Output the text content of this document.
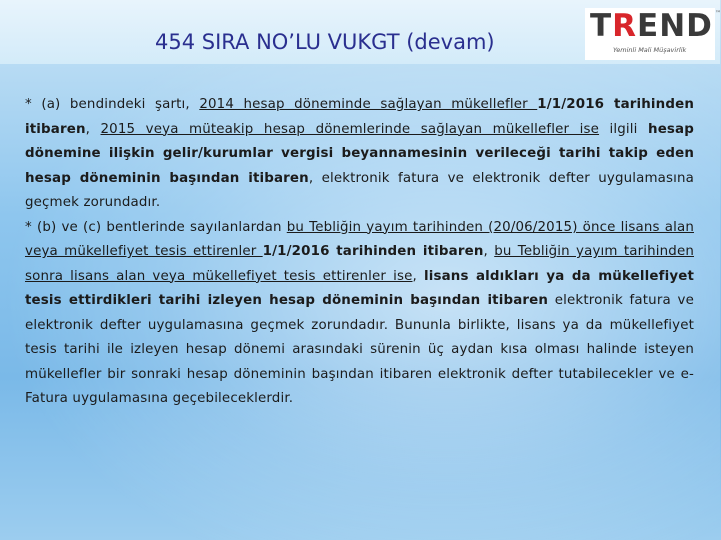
454 SIRA NO’LU VUKGT (devam)	TREND
Yeminli Mali Müşavirlik
™

* (a) bendindeki şartı, 2014 hesap döneminde sağlayan mükellefler 1/1/2016 tarihinden itibaren, 2015 veya müteakip hesap dönemlerinde sağlayan mükellefler ise ilgili hesap dönemine ilişkin gelir/kurumlar vergisi beyannamesinin verileceği tarihi takip eden hesap döneminin başından itibaren, elektronik fatura ve elektronik defter uygulamasına geçmek zorundadır.

* (b) ve (c) bentlerinde sayılanlardan bu Tebliğin yayım tarihinden (20/06/2015) önce lisans alan veya mükellefiyet tesis ettirenler 1/1/2016 tarihinden itibaren, bu Tebliğin yayım tarihinden sonra lisans alan veya mükellefiyet tesis ettirenler ise, lisans aldıkları ya da mükellefiyet tesis ettirdikleri tarihi izleyen hesap döneminin başından itibaren elektronik fatura ve elektronik defter uygulamasına geçmek zorundadır. Bununla birlikte, lisans ya da mükellefiyet tesis tarihi ile izleyen hesap dönemi arasındaki sürenin üç aydan kısa olması halinde isteyen mükellefler bir sonraki hesap döneminin başından itibaren elektronik defter tutabilecekler ve e-Fatura uygulamasına geçebileceklerdir.
